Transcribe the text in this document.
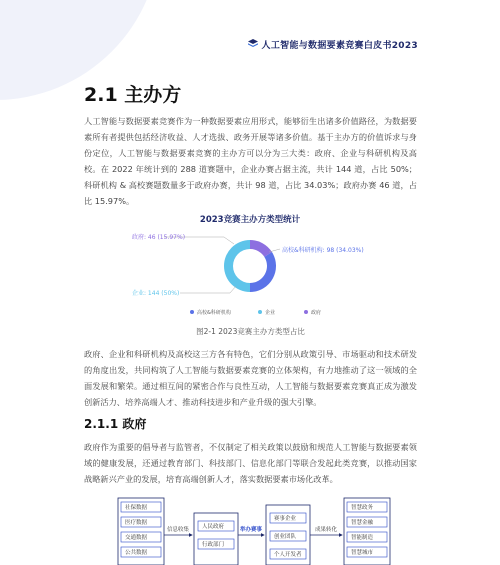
人工智能与数据要素竞赛白皮书2023
2.1 主办方
人工智能与数据要素竞赛作为一种数据要素应用形式，能够衍生出诸多价值路径，为数据要素所有者提供包括经济收益、人才选拔、政务开展等诸多价值。基于主办方的价值诉求与身份定位，人工智能与数据要素竞赛的主办方可以分为三大类：政府、企业与科研机构及高校。在 2022 年统计到的 288 道赛题中，企业办赛占据主流，共计 144 道，占比 50%；科研机构 & 高校赛题数量多于政府办赛，共计 98 道，占比 34.03%；政府办赛 46 道，占比 15.97%。
2023竞赛主办方类型统计
政府: 46 (15.97%)
高校&科研机构: 98 (34.03%)
企业: 144 (50%)
高校&科研机构	企业	政府
图2-1 2023竞赛主办方类型占比
政府、企业和科研机构及高校这三方各有特色，它们分别从政策引导、市场驱动和技术研发的角度出发，共同构筑了人工智能与数据要素竞赛的立体架构，有力地推动了这一领域的全面发展和繁荣。通过相互间的紧密合作与良性互动，人工智能与数据要素竞赛真正成为激发创新活力、培养高端人才、推动科技进步和产业升级的强大引擎。
2.1.1 政府
政府作为重要的倡导者与监管者，不仅制定了相关政策以鼓励和规范人工智能与数据要素领域的健康发展，还通过教育部门、科技部门、信息化部门等联合发起此类竞赛，以推动国家战略新兴产业的发展，培育高端创新人才，落实数据要素市场化改革。
社保数据
医疗数据
交通数据
公共数据
信息收集 人民政府
行政部门
举办赛事
赛事企业
创业团队
个人开发者
成果转化
智慧政务
智慧金融
智能制造
智慧城市
